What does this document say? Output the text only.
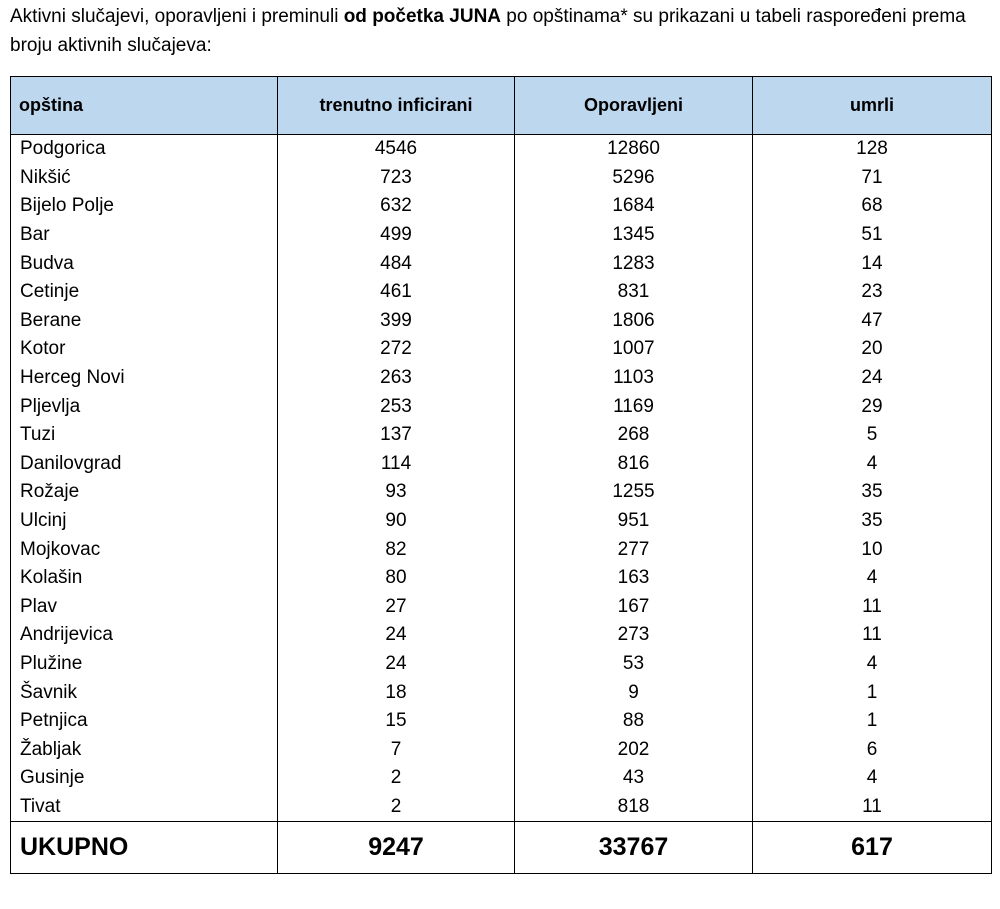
Aktivni slučajevi, oporavljeni i preminuli od početka JUNA po opštinama* su prikazani u tabeli raspoređeni prema broju aktivnih slučajeva:

opština	trenutno inficirani	Oporavljeni	umrli
Podgorica	4546	12860	128
Nikšić	723	5296	71
Bijelo Polje	632	1684	68
Bar	499	1345	51
Budva	484	1283	14
Cetinje	461	831	23
Berane	399	1806	47
Kotor	272	1007	20
Herceg Novi	263	1103	24
Pljevlja	253	1169	29
Tuzi	137	268	5
Danilovgrad	114	816	4
Rožaje	93	1255	35
Ulcinj	90	951	35
Mojkovac	82	277	10
Kolašin	80	163	4
Plav	27	167	11
Andrijevica	24	273	11
Plužine	24	53	4
Šavnik	18	9	1
Petnjica	15	88	1
Žabljak	7	202	6
Gusinje	2	43	4
Tivat	2	818	11
UKUPNO	9247	33767	617
